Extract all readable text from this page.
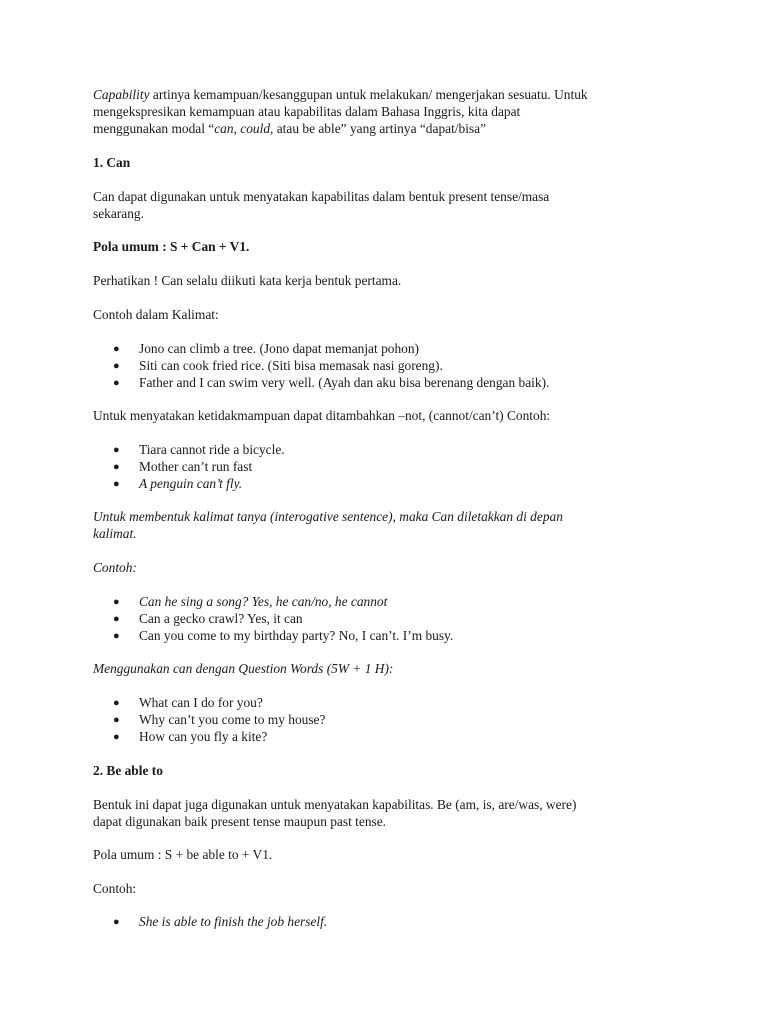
Capability artinya kemampuan/kesanggupan untuk melakukan/ mengerjakan sesuatu. Untuk
mengekspresikan kemampuan atau kapabilitas dalam Bahasa Inggris, kita dapat
menggunakan modal “can, could, atau be able” yang artinya “dapat/bisa”

1. Can

Can dapat digunakan untuk menyatakan kapabilitas dalam bentuk present tense/masa
sekarang.

Pola umum : S + Can + V1.

Perhatikan ! Can selalu diikuti kata kerja bentuk pertama.

Contoh dalam Kalimat:

● Jono can climb a tree. (Jono dapat memanjat pohon)
● Siti can cook fried rice. (Siti bisa memasak nasi goreng).
● Father and I can swim very well. (Ayah dan aku bisa berenang dengan baik).

Untuk menyatakan ketidakmampuan dapat ditambahkan –not, (cannot/can’t) Contoh:

● Tiara cannot ride a bicycle.
● Mother can’t run fast
● A penguin can’t fly.

Untuk membentuk kalimat tanya (interogative sentence), maka Can diletakkan di depan
kalimat.

Contoh:

● Can he sing a song? Yes, he can/no, he cannot
● Can a gecko crawl? Yes, it can
● Can you come to my birthday party? No, I can’t. I’m busy.

Menggunakan can dengan Question Words (5W + 1 H):

● What can I do for you?
● Why can’t you come to my house?
● How can you fly a kite?

2. Be able to

Bentuk ini dapat juga digunakan untuk menyatakan kapabilitas. Be (am, is, are/was, were)
dapat digunakan baik present tense maupun past tense.

Pola umum : S + be able to + V1.

Contoh:

● She is able to finish the job herself.
